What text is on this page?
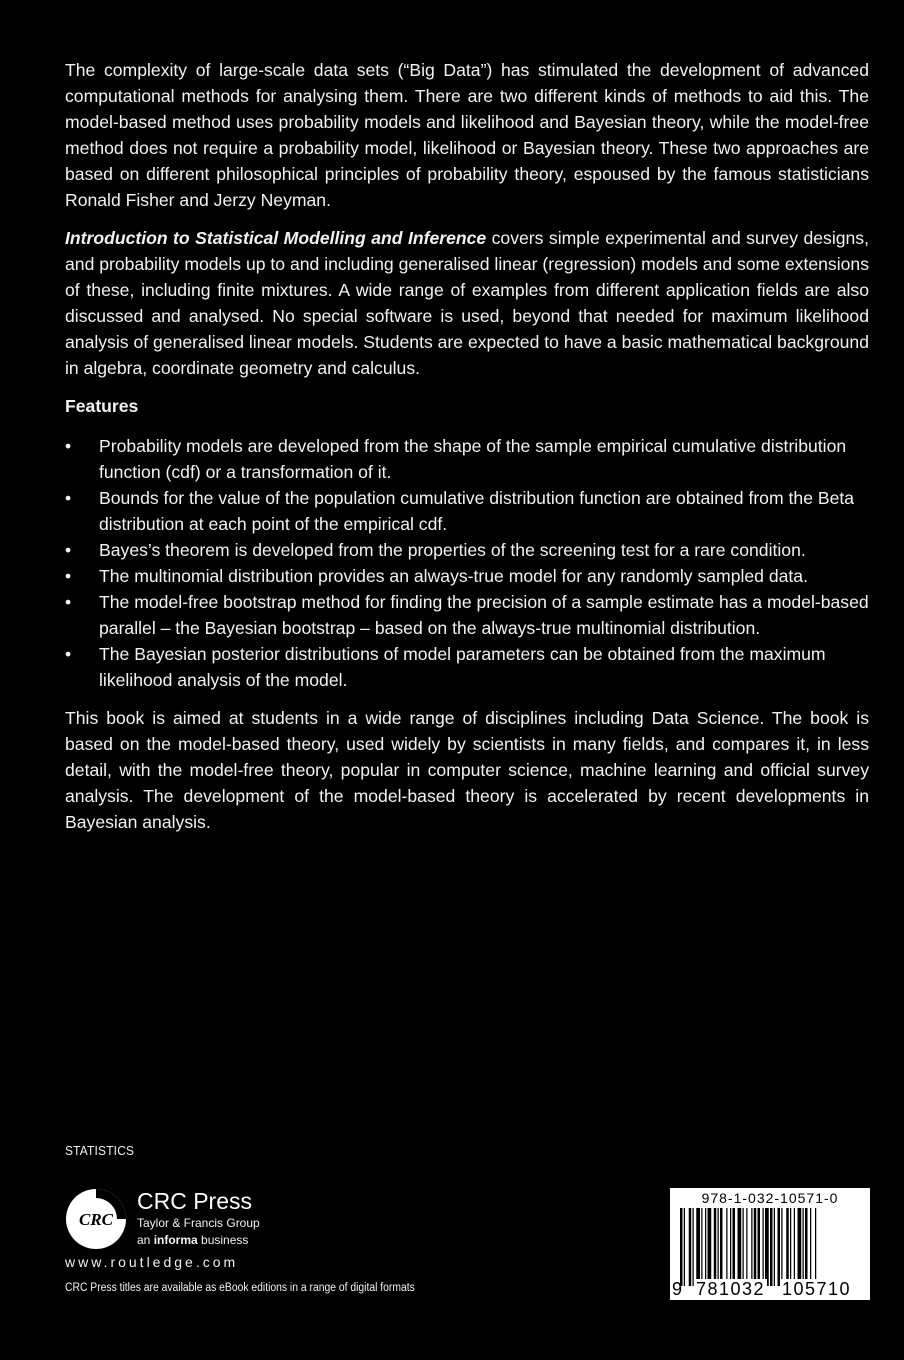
The complexity of large-scale data sets (“Big Data”) has stimulated the development of advanced computational methods for analysing them. There are two different kinds of methods to aid this. The model-based method uses probability models and likelihood and Bayesian theory, while the model-free method does not require a probability model, likelihood or Bayesian theory. These two approaches are based on different philosophical principles of probability theory, espoused by the famous statisticians Ronald Fisher and Jerzy Neyman.

Introduction to Statistical Modelling and Inference covers simple experimental and survey designs, and probability models up to and including generalised linear (regression) models and some extensions of these, including finite mixtures. A wide range of examples from different application fields are also discussed and analysed. No special software is used, beyond that needed for maximum likelihood analysis of generalised linear models. Students are expected to have a basic mathematical background in algebra, coordinate geometry and calculus.

Features

• Probability models are developed from the shape of the sample empirical cumulative distribution function (cdf) or a transformation of it.
• Bounds for the value of the population cumulative distribution function are obtained from the Beta distribution at each point of the empirical cdf.
• Bayes’s theorem is developed from the properties of the screening test for a rare condition.
• The multinomial distribution provides an always-true model for any randomly sampled data.
• The model-free bootstrap method for finding the precision of a sample estimate has a model-based parallel – the Bayesian bootstrap – based on the always-true multinomial distribution.
• The Bayesian posterior distributions of model parameters can be obtained from the maximum likelihood analysis of the model.

This book is aimed at students in a wide range of disciplines including Data Science. The book is based on the model-based theory, used widely by scientists in many fields, and compares it, in less detail, with the model-free theory, popular in computer science, machine learning and official survey analysis. The development of the model-based theory is accelerated by recent developments in Bayesian analysis.

STATISTICS
CRC
CRC Press
Taylor & Francis Group
an informa business
www.routledge.com
CRC Press titles are available as eBook editions in a range of digital formats
978-1-032-10571-0
9 781032 105710
